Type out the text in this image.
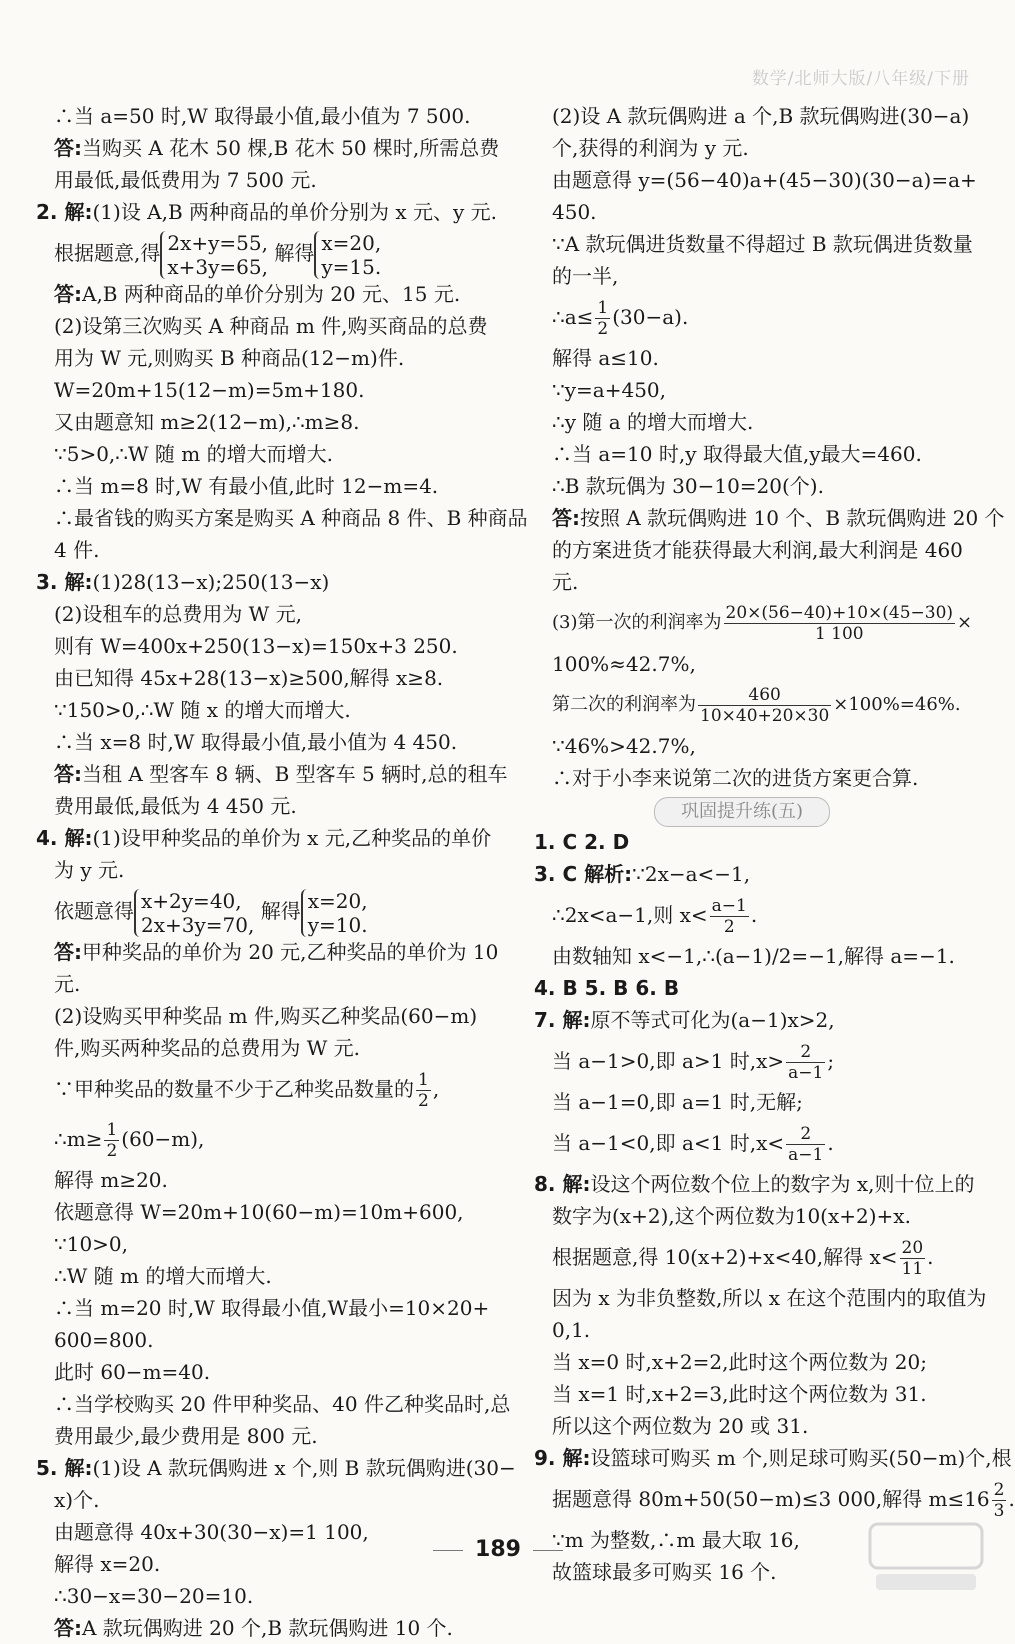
数学/北师大版/八年级/下册
∴当 a=50 时,W 取得最小值,最小值为 7 500.
答:当购买 A 花木 50 棵,B 花木 50 棵时,所需总费
用最低,最低费用为 7 500 元.
2. 解:(1)设 A,B 两种商品的单价分别为 x 元、y 元.
根据题意,得 2x+y=55,
x+3y=65,
解得 x=20,
y=15.
答:A,B 两种商品的单价分别为 20 元、15 元.
(2)设第三次购买 A 种商品 m 件,购买商品的总费
用为 W 元,则购买 B 种商品(12−m)件.
W=20m+15(12−m)=5m+180.
又由题意知 m≥2(12−m),∴m≥8.
∵5>0,∴W 随 m 的增大而增大.
∴当 m=8 时,W 有最小值,此时 12−m=4.
∴最省钱的购买方案是购买 A 种商品 8 件、B 种商品
4 件.
3. 解:(1)28(13−x);250(13−x)
(2)设租车的总费用为 W 元,
则有 W=400x+250(13−x)=150x+3 250.
由已知得 45x+28(13−x)≥500,解得 x≥8.
∵150>0,∴W 随 x 的增大而增大.
∴当 x=8 时,W 取得最小值,最小值为 4 450.
答:当租 A 型客车 8 辆、B 型客车 5 辆时,总的租车
费用最低,最低为 4 450 元.
4. 解:(1)设甲种奖品的单价为 x 元,乙种奖品的单价
为 y 元.
依题意得 x+2y=40,
2x+3y=70,
解得 x=20,
y=10.
答:甲种奖品的单价为 20 元,乙种奖品的单价为 10
元.
(2)设购买甲种奖品 m 件,购买乙种奖品(60−m)
件,购买两种奖品的总费用为 W 元.
∵甲种奖品的数量不少于乙种奖品数量的 $\frac{1}{2}$ ,
∴m≥ $\frac{1}{2} (60-m)$,
解得 m≥20.
依题意得 W=20m+10(60−m)=10m+600,
∵10>0,
∴W 随 m 的增大而增大.
∴当 m=20 时,W 取得最小值,W最小=10×20+
600=800.
此时 60−m=40.
∴当学校购买 20 件甲种奖品、40 件乙种奖品时,总
费用最少,最少费用是 800 元.
5. 解:(1)设 A 款玩偶购进 x 个,则 B 款玩偶购进(30−
x)个.
由题意得 40x+30(30−x)=1 100,
解得 x=20.
∴30−x=30−20=10.
答:A 款玩偶购进 20 个,B 款玩偶购进 10 个.
(2)设 A 款玩偶购进 a 个,B 款玩偶购进(30−a)
个,获得的利润为 y 元.
由题意得 y=(56−40)a+(45−30)(30−a)=a+
450.
∵A 款玩偶进货数量不得超过 B 款玩偶进货数量
的一半,
∴a≤ $\frac{1}{2} (30-a)$.
解得 a≤10.
∵y=a+450,
∴y 随 a 的增大而增大.
∴当 a=10 时,y 取得最大值,y最大=460.
∴B 款玩偶为 30−10=20(个).
答:按照 A 款玩偶购进 10 个、B 款玩偶购进 20 个
的方案进货才能获得最大利润,最大利润是 460
元.
(3)第一次的利润率为 $\frac{20\times(56-40)+10\times(45-30)}{1 100}$ ×
100%≈42.7%,
第二次的利润率为 $\frac{460}{10\times 40+20\times 30} \times 100\%=46\%$.
∵46%>42.7%,
∴对于小李来说第二次的进货方案更合算.
巩固提升练(五)
1. C 2. D
3. C 解析:∵2x−a<−1,
∴2x<a−1,则 $x< \frac{a-1}{2}$ .
由数轴知 x<−1,∴(a−1)/2=−1,解得 a=−1.
4. B 5. B 6. B
7. 解:原不等式可化为(a−1)x>2,
当 a−1>0,即 a>1 时$,x> \frac{2}{a-1}$ ;
当 a−1=0,即 a=1 时,无解;
当 a−1<0,即 a<1 时$,x< \frac{2}{a-1}$ .
8. 解:设这个两位数个位上的数字为 x,则十位上的
数字为(x+2),这个两位数为10(x+2)+x.
根据题意,得 10(x+2)+x<40,解得 $x< \frac{20}{11}$ .
因为 x 为非负整数,所以 x 在这个范围内的取值为
0,1.
当 x=0 时,x+2=2,此时这个两位数为 20;
当 x=1 时,x+2=3,此时这个两位数为 31.
所以这个两位数为 20 或 31.
9. 解:设篮球可购买 m 个,则足球可购买(50−m)个,根
据题意得 80m+50(50−m)≤3 000,解得 $m\le 16 \frac{2}{3}$ .
∵m 为整数,∴m 最大取 16,
故篮球最多可购买 16 个.
189
